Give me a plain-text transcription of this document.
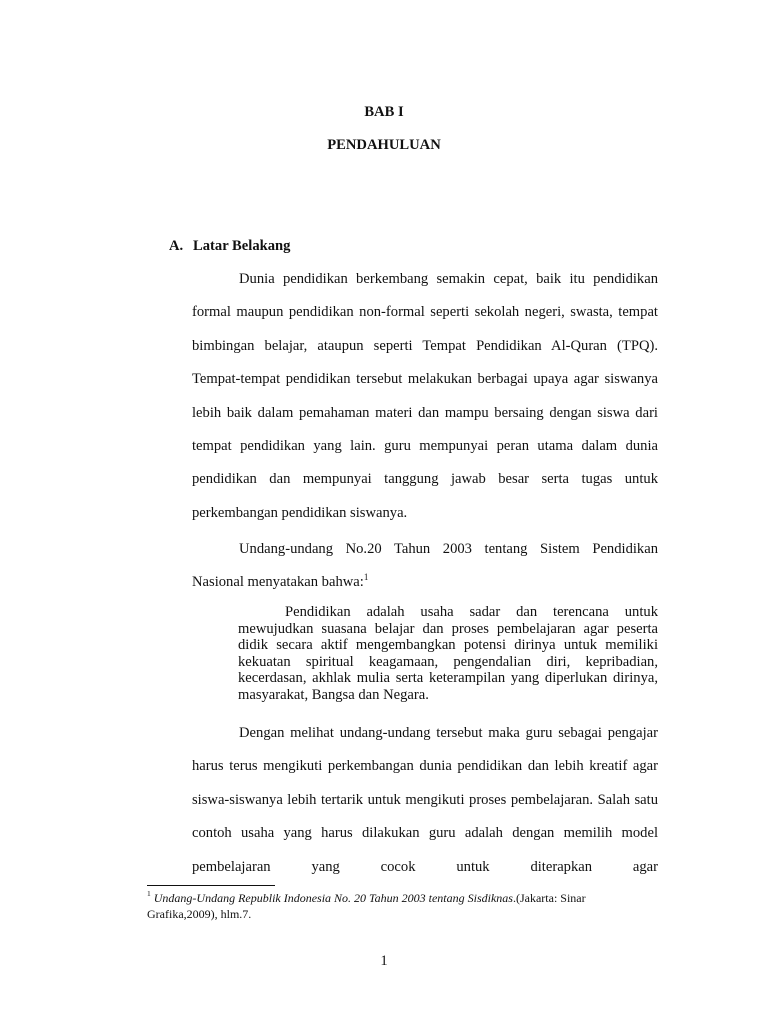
BAB I
PENDAHULUAN
A. Latar Belakang

Dunia pendidikan berkembang semakin cepat, baik itu pendidikan formal maupun pendidikan non-formal seperti sekolah negeri, swasta, tempat bimbingan belajar, ataupun seperti Tempat Pendidikan Al-Quran (TPQ). Tempat-tempat pendidikan tersebut melakukan berbagai upaya agar siswanya lebih baik dalam pemahaman materi dan mampu bersaing dengan siswa dari tempat pendidikan yang lain. guru mempunyai peran utama dalam dunia pendidikan dan mempunyai tanggung jawab besar serta tugas untuk perkembangan pendidikan siswanya.

Undang-undang No.20 Tahun 2003 tentang Sistem Pendidikan Nasional menyatakan bahwa:$^1$

Pendidikan adalah usaha sadar dan terencana untuk mewujudkan suasana belajar dan proses pembelajaran agar peserta didik secara aktif mengembangkan potensi dirinya untuk memiliki kekuatan spiritual keagamaan, pengendalian diri, kepribadian, kecerdasan, akhlak mulia serta keterampilan yang diperlukan dirinya, masyarakat, Bangsa dan Negara.

Dengan melihat undang-undang tersebut maka guru sebagai pengajar harus terus mengikuti perkembangan dunia pendidikan dan lebih kreatif agar siswa-siswanya lebih tertarik untuk mengikuti proses pembelajaran. Salah satu contoh usaha yang harus dilakukan guru adalah dengan memilih model pembelajaran yang cocok untuk diterapkan agar

$^1$ Undang-Undang Republik Indonesia No. 20 Tahun 2003 tentang Sisdiknas.(Jakarta: Sinar Grafika,2009), hlm.7.
1
